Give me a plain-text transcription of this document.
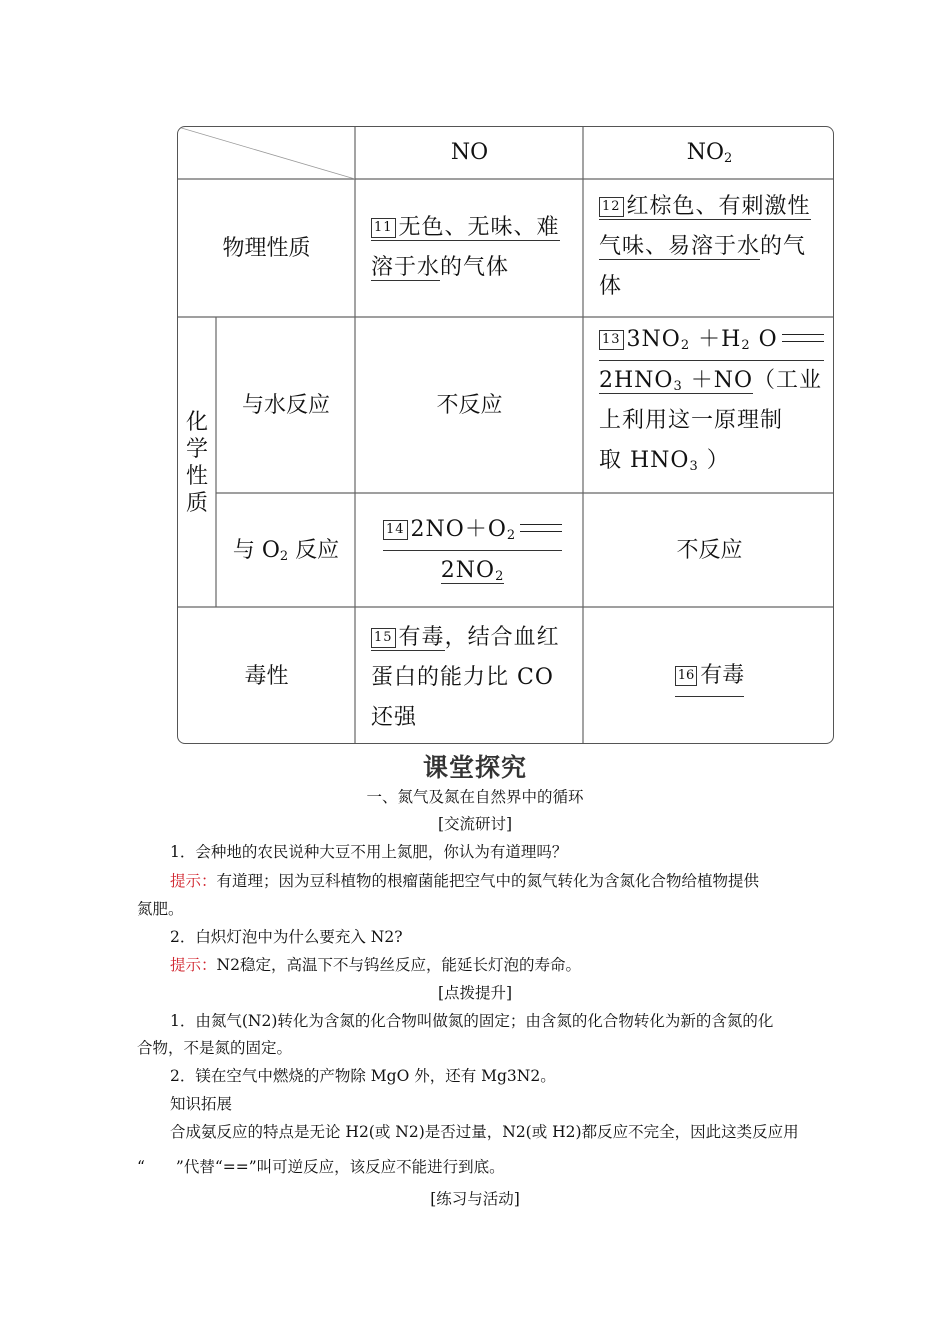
NO	$NO_2$
物理性质
11 无色、无味、难
溶于水的气体
12 红棕色、有刺激性
气味、易溶于水的气
体
化学性质
与水反应	不反应
13 $3NO_2 +H_2$ O
$2HNO_3 +NO$（工业
上利用这一原理制
取 $HNO_3$ ）
与 $O_2$ 反应
14 $2NO+O_2$
$2NO_2$
不反应
毒性
15 有毒，结合血红
蛋白的能力比 CO
还强
16 有毒
课堂探究
一、氮气及氮在自然界中的循环
[交流研讨]
1．会种地的农民说种大豆不用上氮肥，你认为有道理吗？
提示：有道理；因为豆科植物的根瘤菌能把空气中的氮气转化为含氮化合物给植物提供
氮肥。
2．白炽灯泡中为什么要充入 N2?
提示：N2稳定，高温下不与钨丝反应，能延长灯泡的寿命。
[点拨提升]
1．由氮气(N2)转化为含氮的化合物叫做氮的固定；由含氮的化合物转化为新的含氮的化
合物，不是氮的固定。
2．镁在空气中燃烧的产物除 MgO 外，还有 Mg3N2。
知识拓展
合成氨反应的特点是无论 H2(或 N2)是否过量，N2(或 H2)都反应不完全，因此这类反应用
“　　”代替“==”叫可逆反应，该反应不能进行到底。
[练习与活动]
